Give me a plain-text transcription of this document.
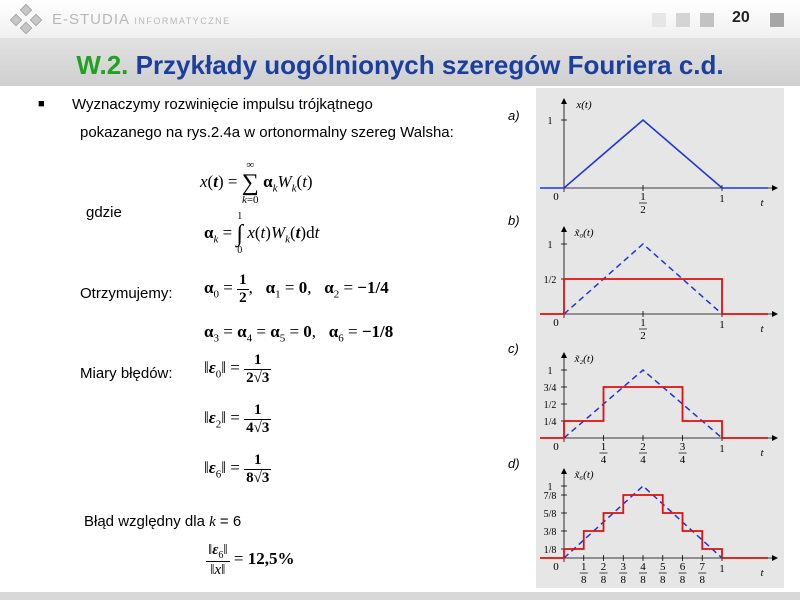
E-STUDIA INFORMATYCZNE	20
W.2. Przykłady uogólnionych szeregów Fouriera c.d.
■ Wyznaczymy rozwinięcie impulsu trójkątnego
pokazanego na rys.2.4a w ortonormalny szereg Walsha:
x(t) =
∞
∑
k=0
$\alpha_kW_k(t)$
gdzie
$\alpha_k$ =
1
∫
0
$x(t)W_k(t)dt$
Otrzymujemy: $\alpha_0 = \frac{1}{2}$ ,   $\alpha_1 = 0$,   $\alpha_2 = -1/4$
$\alpha_3 = \alpha_4 = \alpha_5 = 0$,   $\alpha_6 = -1/8$
Miary błędów: $‖\varepsilon_0‖ = \frac{1}{2√3}$
$‖\varepsilon_2‖ = \frac{1}{4√3}$
$‖\varepsilon_6‖ = \frac{1}{8√3}$
Błąd względny dla k = 6
$\frac{‖\varepsilon_6‖}{‖x‖} = 12,5\%$
a)
b)
c)
d)
x(t)
t
1
0	1
2
1
x̃₀(t)
t
1
1/2
0	1
2
1
x̃₂(t)
t
1
3/4
1/2
1/4
0	1
4
2
4
3
4
1
x̃₆(t)
t
1
7/8
5/8
3/8
1/8
0 1
8
2
8
3
8
4
8
5
8
6
8
7
8
1
